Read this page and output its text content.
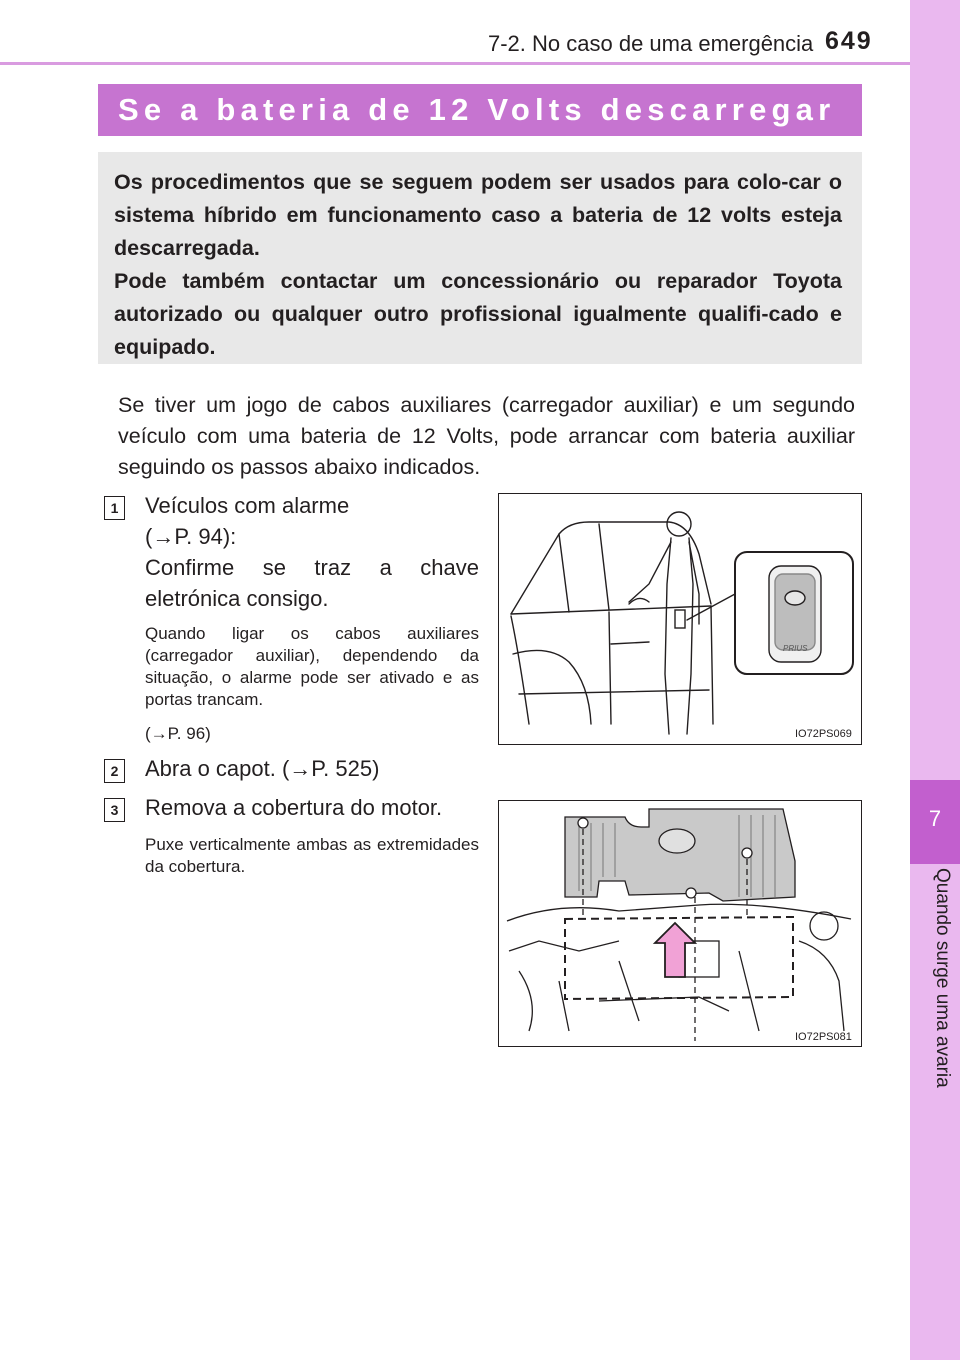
7-2. No caso de uma emergência 649
7
Quando surge uma avaria
Se a bateria de 12 Volts descarregar

Os procedimentos que se seguem podem ser usados para colo-car o sistema híbrido em funcionamento caso a bateria de 12 volts esteja descarregada.

Pode também contactar um concessionário ou reparador Toyota autorizado ou qualquer outro profissional igualmente qualifi-cado e equipado.

Se tiver um jogo de cabos auxiliares (carregador auxiliar) e um segundo veículo com uma bateria de 12 Volts, pode arrancar com bateria auxiliar seguindo os passos abaixo indicados.

1	Veículos com alarme

(→P. 94):

Confirme se traz a chave eletrónica consigo.

Quando ligar os cabos auxiliares (carregador auxiliar), dependendo da situação, o alarme pode ser ativado e as portas trancam.

(→P. 96)

PRIUS
IO72PS069
2	Abra o capot. (→P. 525)

3	Remova a cobertura do motor.

Puxe verticalmente ambas as extremidades da cobertura.

IO72PS081
